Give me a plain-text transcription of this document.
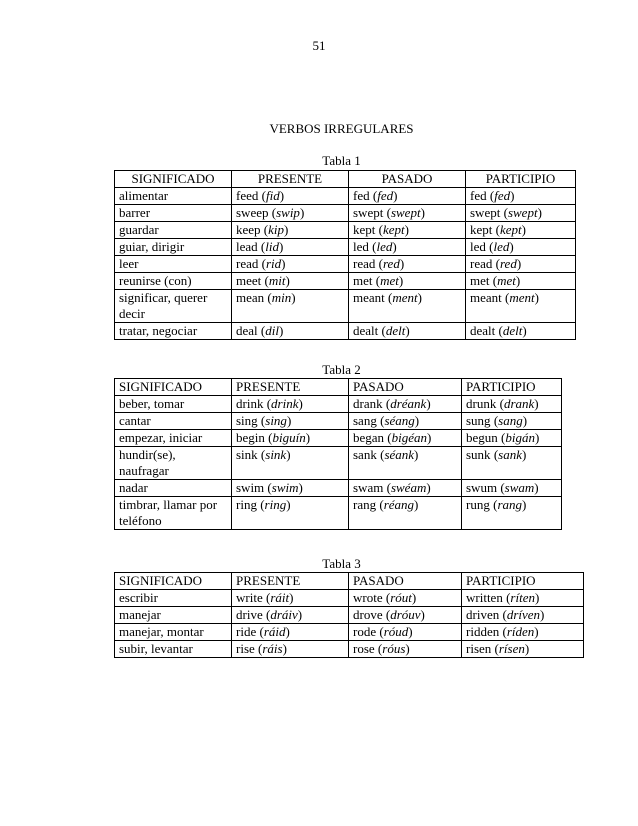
51
VERBOS IRREGULARES
Tabla 1
SIGNIFICADO	PRESENTE	PASADO	PARTICIPIO
alimentar	feed (fid)	fed (fed)	fed (fed)
barrer	sweep (swip)	swept (swept)	swept (swept)
guardar	keep (kip)	kept (kept)	kept (kept)
guiar, dirigir	lead (lid)	led (led)	led (led)
leer	read (rid)	read (red)	read (red)
reunirse (con)	meet (mit)	met (met)	met (met)
significar, querer decir	mean (min)	meant (ment)	meant (ment)
tratar, negociar	deal (dil)	dealt (delt)	dealt (delt)
Tabla 2
SIGNIFICADO	PRESENTE	PASADO	PARTICIPIO
beber, tomar	drink (drink)	drank (dréank)	drunk (drank)
cantar	sing (sing)	sang (séang)	sung (sang)
empezar, iniciar	begin (biguín)	began (bigéan)	begun (bigán)
hundir(se), naufragar	sink (sink)	sank (séank)	sunk (sank)
nadar	swim (swim)	swam (swéam)	swum (swam)
timbrar, llamar por teléfono	ring (ring)	rang (réang)	rung (rang)
Tabla 3
SIGNIFICADO	PRESENTE	PASADO	PARTICIPIO
escribir	write (ráit)	wrote (róut)	written (ríten)
manejar	drive (dráiv)	drove (dróuv)	driven (dríven)
manejar, montar	ride (ráid)	rode (róud)	ridden (ríden)
subir, levantar	rise (ráis)	rose (róus)	risen (rísen)
